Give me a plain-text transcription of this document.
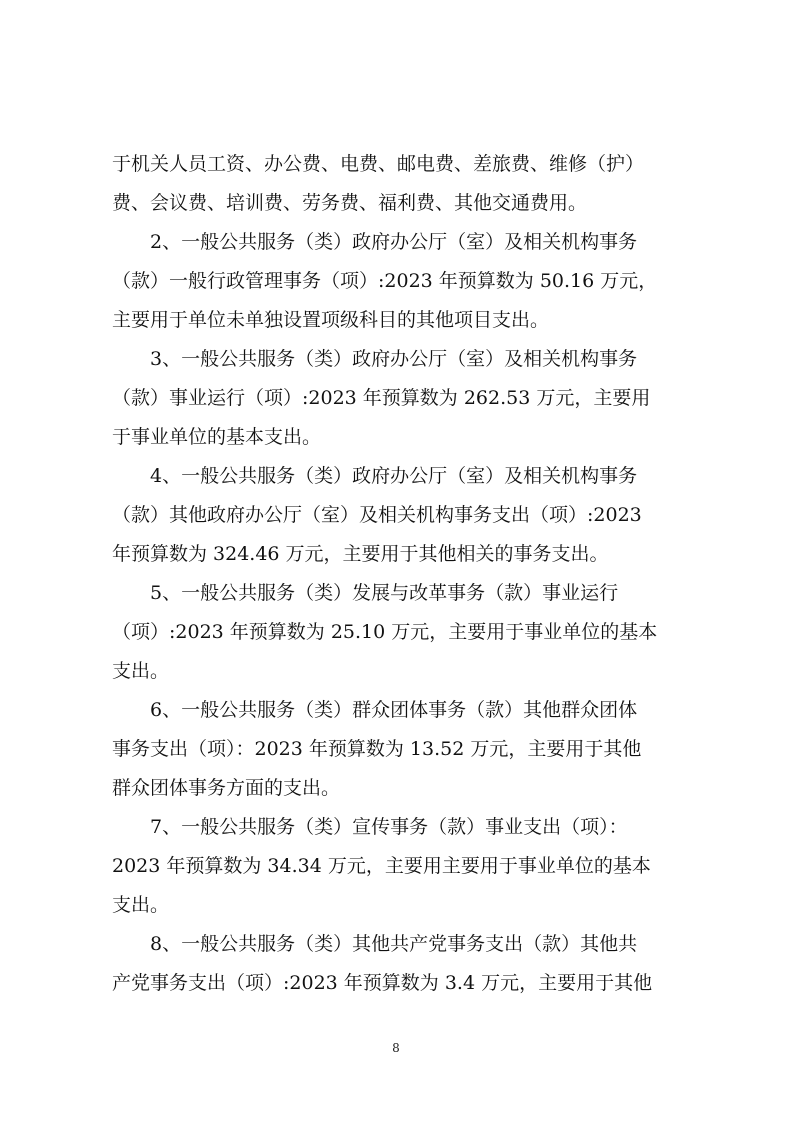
于机关人员工资、办公费、电费、邮电费、差旅费、维修（护）
费、会议费、培训费、劳务费、福利费、其他交通费用。
　　2、一般公共服务（类）政府办公厅（室）及相关机构事务
（款）一般行政管理事务（项）:2023 年预算数为 50.16 万元，
主要用于单位未单独设置项级科目的其他项目支出。
　　3、一般公共服务（类）政府办公厅（室）及相关机构事务
（款）事业运行（项）:2023 年预算数为 262.53 万元，主要用
于事业单位的基本支出。
　　4、一般公共服务（类）政府办公厅（室）及相关机构事务
（款）其他政府办公厅（室）及相关机构事务支出（项）:2023
年预算数为 324.46 万元，主要用于其他相关的事务支出。
　　5、一般公共服务（类）发展与改革事务（款）事业运行
（项）:2023 年预算数为 25.10 万元，主要用于事业单位的基本
支出。
　　6、一般公共服务（类）群众团体事务（款）其他群众团体
事务支出（项）：2023 年预算数为 13.52 万元，主要用于其他
群众团体事务方面的支出。
　　7、一般公共服务（类）宣传事务（款）事业支出（项）：
2023 年预算数为 34.34 万元，主要用主要用于事业单位的基本
支出。
　　8、一般公共服务（类）其他共产党事务支出（款）其他共
产党事务支出（项）:2023 年预算数为 3.4 万元，主要用于其他
8
